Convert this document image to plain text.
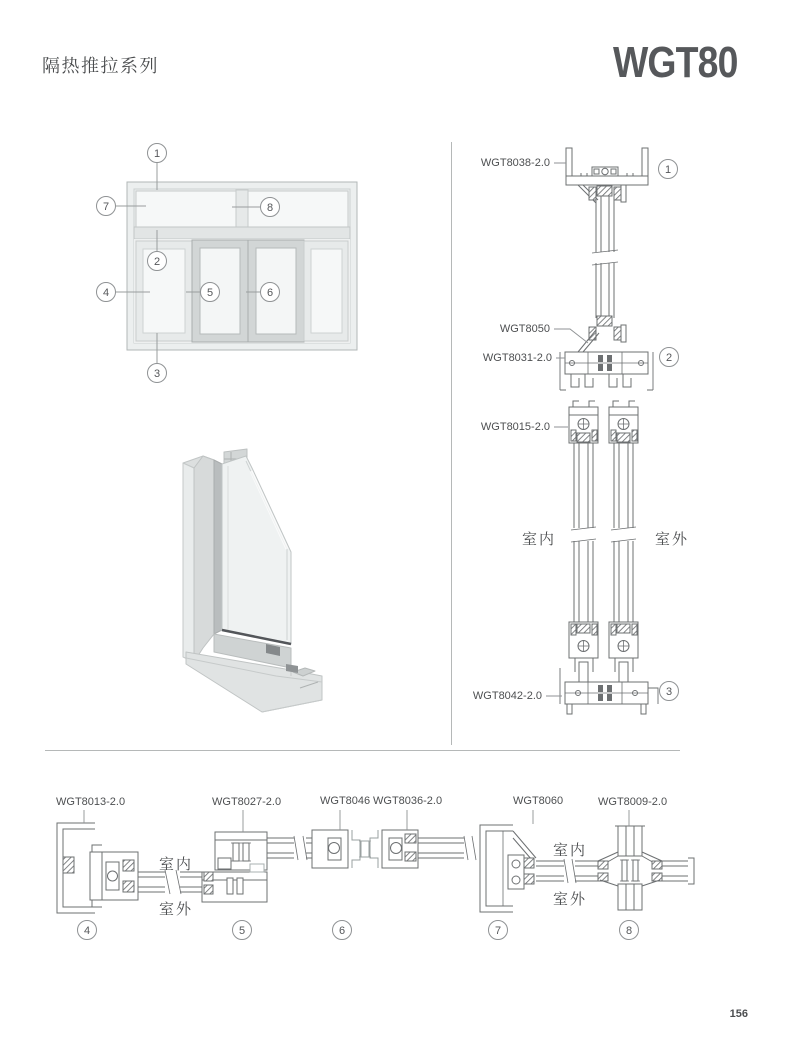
隔热推拉系列	WGT80
1
7	8
2
4	5	6
3
WGT8038-2.0
WGT8050
WGT8031-2.0
WGT8015-2.0
WGT8042-2.0
室内	室外
1
2
3
WGT8013-2.0	WGT8027-2.0	WGT8046 WGT8036-2.0	WGT8060	WGT8009-2.0
室内
室外
室内
室外
4	5	6	7	8
156
